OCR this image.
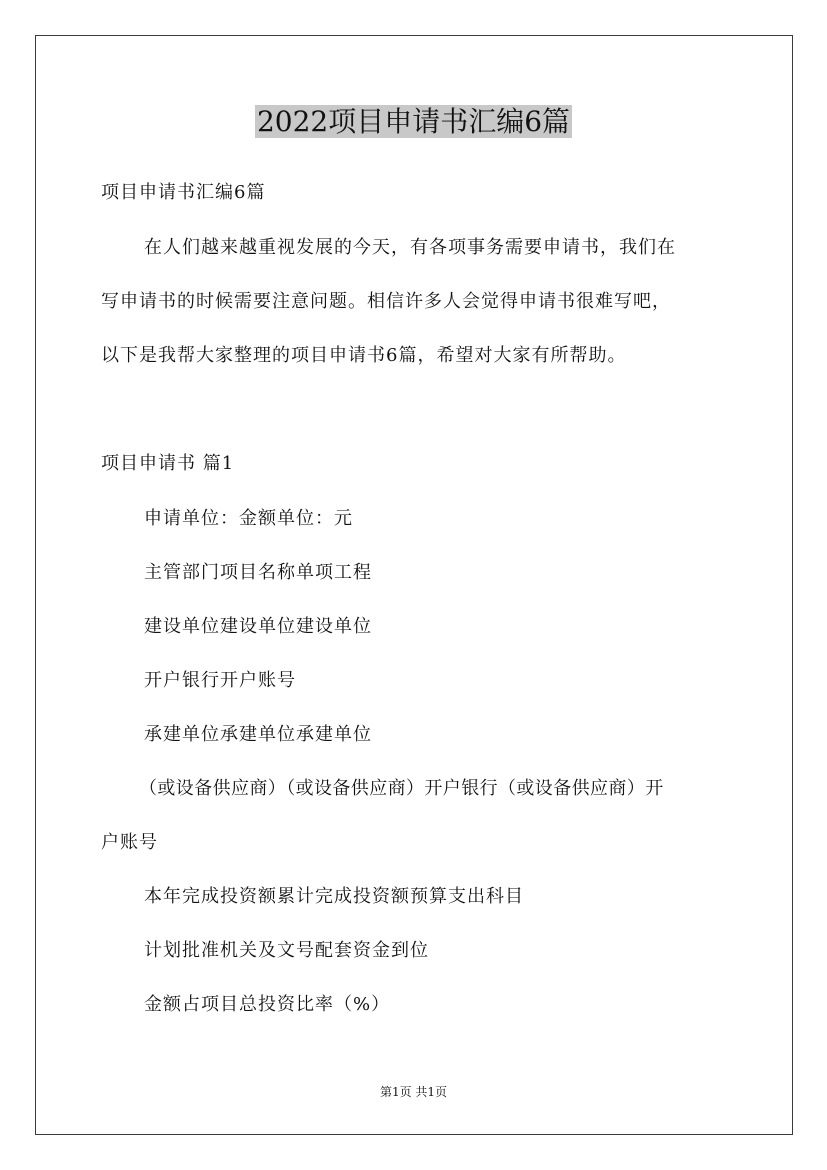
2022项目申请书汇编6篇
项目申请书汇编6篇
在人们越来越重视发展的今天，有各项事务需要申请书，我们在
写申请书的时候需要注意问题。相信许多人会觉得申请书很难写吧，
以下是我帮大家整理的项目申请书6篇，希望对大家有所帮助。
项目申请书 篇1
申请单位：金额单位：元
主管部门项目名称单项工程
建设单位建设单位建设单位
开户银行开户账号
承建单位承建单位承建单位
（或设备供应商）（或设备供应商）开户银行（或设备供应商）开
户账号
本年完成投资额累计完成投资额预算支出科目
计划批准机关及文号配套资金到位
金额占项目总投资比率（%）
第1页 共1页
